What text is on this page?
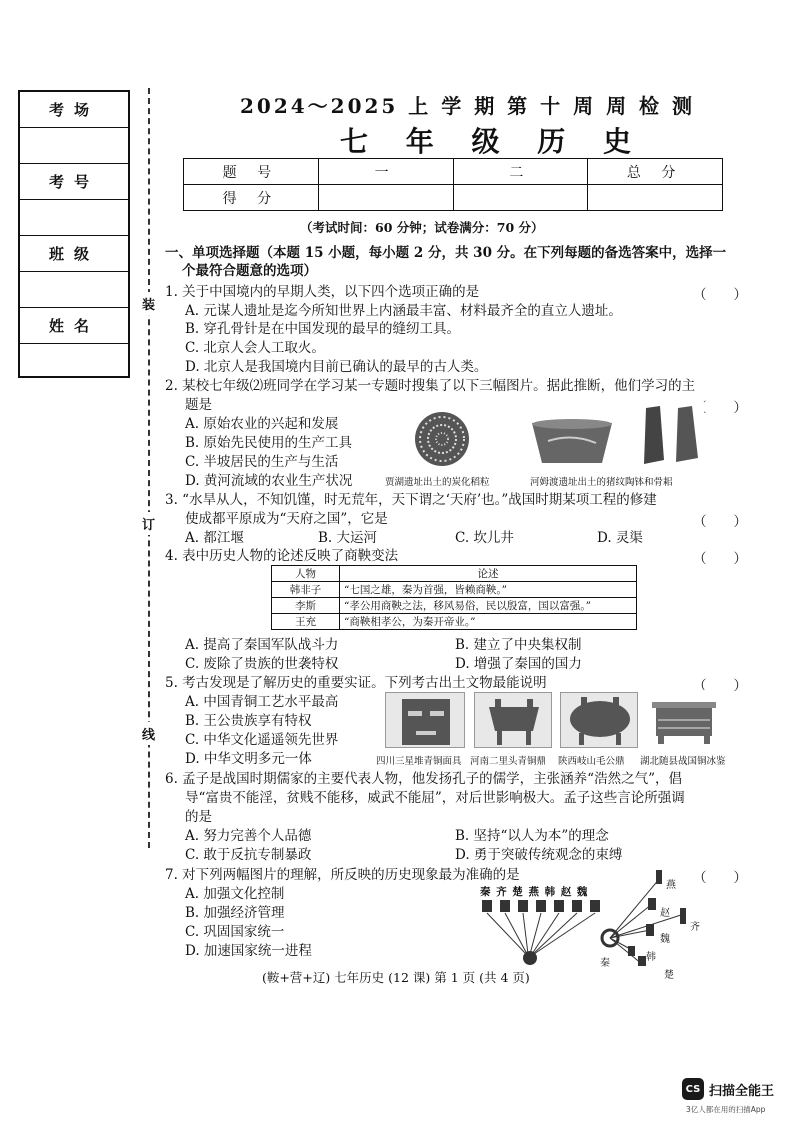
考场
考号
班级
姓名
装
订
线
2024～2025 上 学 期 第 十 周 周 检 测
七 年 级 历 史
题 号	一	二	总 分
得 分			
（考试时间：60 分钟；试卷满分：70 分）
一、单项选择题（本题 15 小题，每小题 2 分，共 30 分。在下列每题的备选答案中，选择一
个最符合题意的选项）
1. 关于中国境内的早期人类，以下四个选项正确的是	（　　）
A. 元谋人遗址是迄今所知世界上内涵最丰富、材料最齐全的直立人遗址。
B. 穿孔骨针是在中国发现的最早的缝纫工具。
C. 北京人会人工取火。
D. 北京人是我国境内目前已确认的最早的古人类。
2. 某校七年级⑵班同学在学习某一专题时搜集了以下三幅图片。据此推断，他们学习的主
题是	（　　）
A. 原始农业的兴起和发展
B. 原始先民使用的生产工具
C. 半坡居民的生产与生活
D. 黄河流域的农业生产状况	贾湖遗址出土的炭化稻粒	河姆渡遗址出土的猪纹陶钵和骨耜
3. “水旱从人，不知饥馑，时无荒年，天下谓之‘天府’也。”战国时期某项工程的修建
使成都平原成为“天府之国”，它是	（　　）
A. 都江堰	B. 大运河	C. 坎儿井	D. 灵渠
4. 表中历史人物的论述反映了商鞅变法	（　　）
人物	论述
韩非子	“七国之雄，秦为首强，皆赖商鞅。”
李斯	“孝公用商鞅之法，移风易俗，民以殷富，国以富强。”
王充	“商鞅相孝公，为秦开帝业。”
A. 提高了秦国军队战斗力	B. 建立了中央集权制
C. 废除了贵族的世袭特权	D. 增强了秦国的国力
5. 考古发现是了解历史的重要实证。下列考古出土文物最能说明	（　　）
A. 中国青铜工艺水平最高
B. 王公贵族享有特权
C. 中华文化遥遥领先世界
D. 中华文明多元一体	四川三星堆青铜面具 河南二里头青铜鼎 陕西岐山毛公鼎 湖北随县战国铜冰鉴
6. 孟子是战国时期儒家的主要代表人物，他发扬孔子的儒学，主张涵养“浩然之气”，倡
导“富贵不能淫，贫贱不能移，威武不能屈”，对后世影响极大。孟子这些言论所强调
的是
A. 努力完善个人品德	B. 坚持“以人为本”的理念
C. 敢于反抗专制暴政	D. 勇于突破传统观念的束缚
7. 对下列两幅图片的理解，所反映的历史现象最为准确的是	（　　）
A. 加强文化控制
B. 加强经济管理
C. 巩固国家统一
D. 加速国家统一进程
秦 齐 楚 燕 韩 赵 魏
燕
赵
齐
魏
韩
楚
秦
(鞍+营+辽) 七年历史 (12 课) 第 1 页 (共 4 页)
CS 扫描全能王
3亿人都在用的扫描App
